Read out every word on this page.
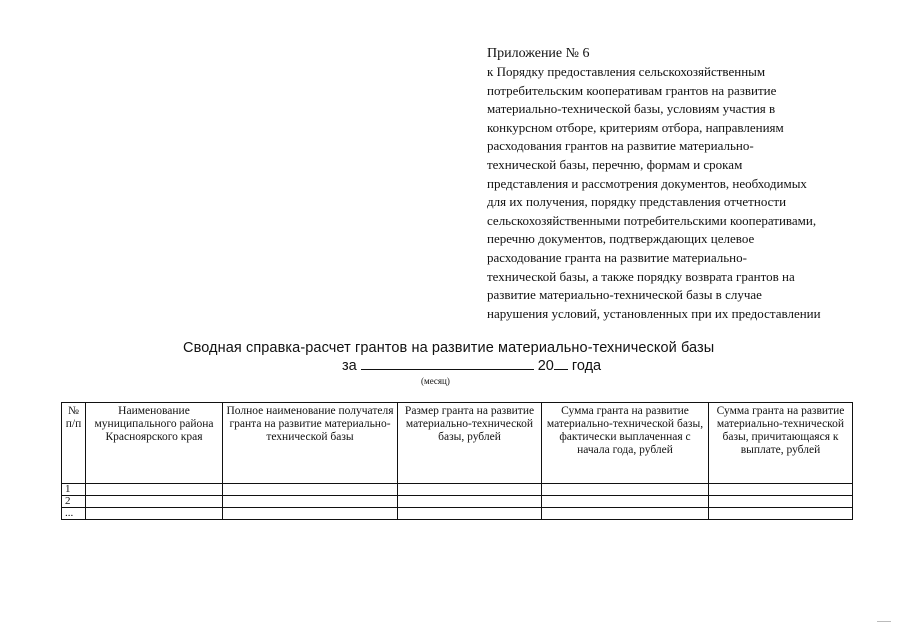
Приложение № 6
к Порядку предоставления сельскохозяйственным
потребительским кооперативам грантов на развитие
материально-технической базы, условиям участия в
конкурсном отборе, критериям отбора, направлениям
расходования грантов на развитие материально-
технической базы, перечню, формам и срокам
представления и рассмотрения документов, необходимых
для их получения, порядку представления отчетности
сельскохозяйственными потребительскими кооперативами,
перечню документов, подтверждающих целевое
расходование гранта на развитие материально-
технической базы, а также порядку возврата грантов на
развитие материально-технической базы в случае
нарушения условий, установленных при их предоставлении
Сводная справка-расчет грантов на развитие материально-технической базы
за	20 года
(месяц)
№ п/п	Наименование муниципального района Красноярского края	Полное наименование получателя гранта на развитие материально-технической базы	Размер гранта на развитие материально-технической базы, рублей	Сумма гранта на развитие материально-технической базы, фактически выплаченная с начала года, рублей	Сумма гранта на развитие материально-технической базы, причитающаяся к выплате, рублей
1					
2					
...					
